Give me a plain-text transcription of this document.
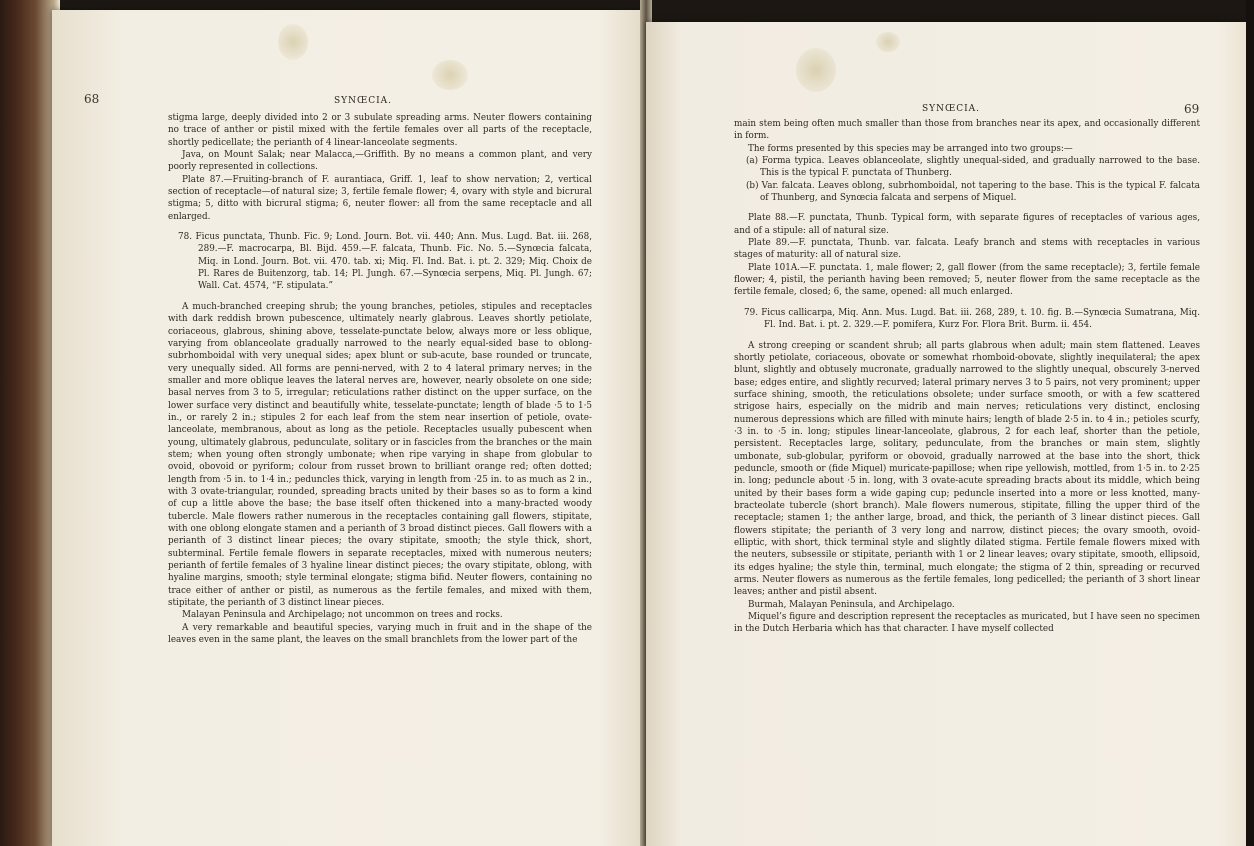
68	SYNŒCIA.

stigma large, deeply divided into 2 or 3 subulate spreading arms. Neuter flowers containing no trace of anther or pistil mixed with the fertile females over all parts of the receptacle, shortly pedicellate; the perianth of 4 linear-lanceolate segments.

Java, on Mount Salak; near Malacca,—Griffith. By no means a common plant, and very poorly represented in collections.

Plate 87.—Fruiting-branch of F. aurantiaca, Griff. 1, leaf to show nervation; 2, vertical section of receptacle—of natural size; 3, fertile female flower; 4, ovary with style and bicrural stigma; 5, ditto with bicrural stigma; 6, neuter flower: all from the same receptacle and all enlarged.

78. Ficus punctata, Thunb. Fic. 9; Lond. Journ. Bot. vii. 440; Ann. Mus. Lugd. Bat. iii. 268, 289.—F. macrocarpa, Bl. Bijd. 459.—F. falcata, Thunb. Fic. No. 5.—Synœcia falcata, Miq. in Lond. Journ. Bot. vii. 470. tab. xi; Miq. Fl. Ind. Bat. i. pt. 2. 329; Miq. Choix de Pl. Rares de Buitenzorg, tab. 14; Pl. Jungh. 67.—Synœcia serpens, Miq. Pl. Jungh. 67; Wall. Cat. 4574, “F. stipulata.”

A much-branched creeping shrub; the young branches, petioles, stipules and receptacles with dark reddish brown pubescence, ultimately nearly glabrous. Leaves shortly petiolate, coriaceous, glabrous, shining above, tesselate-punctate below, always more or less oblique, varying from oblanceolate gradually narrowed to the nearly equal-sided base to oblong-subrhomboidal with very unequal sides; apex blunt or sub-acute, base rounded or truncate, very unequally sided. All forms are penni-nerved, with 2 to 4 lateral primary nerves; in the smaller and more oblique leaves the lateral nerves are, however, nearly obsolete on one side; basal nerves from 3 to 5, irregular; reticulations rather distinct on the upper surface, on the lower surface very distinct and beautifully white, tesselate-punctate; length of blade ·5 to 1·5 in., or rarely 2 in.; stipules 2 for each leaf from the stem near insertion of petiole, ovate-lanceolate, membranous, about as long as the petiole. Receptacles usually pubescent when young, ultimately glabrous, pedunculate, solitary or in fascicles from the branches or the main stem; when young often strongly umbonate; when ripe varying in shape from globular to ovoid, obovoid or pyriform; colour from russet brown to brilliant orange red; often dotted; length from ·5 in. to 1·4 in.; peduncles thick, varying in length from ·25 in. to as much as 2 in., with 3 ovate-triangular, rounded, spreading bracts united by their bases so as to form a kind of cup a little above the base; the base itself often thickened into a many-bracted woody tubercle. Male flowers rather numerous in the receptacles containing gall flowers, stipitate, with one oblong elongate stamen and a perianth of 3 broad distinct pieces. Gall flowers with a perianth of 3 distinct linear pieces; the ovary stipitate, smooth; the style thick, short, subterminal. Fertile female flowers in separate receptacles, mixed with numerous neuters; perianth of fertile females of 3 hyaline linear distinct pieces; the ovary stipitate, oblong, with hyaline margins, smooth; style terminal elongate; stigma bifid. Neuter flowers, containing no trace either of anther or pistil, as numerous as the fertile females, and mixed with them, stipitate, the perianth of 3 distinct linear pieces.

Malayan Peninsula and Archipelago; not uncommon on trees and rocks.

A very remarkable and beautiful species, varying much in fruit and in the shape of the leaves even in the same plant, the leaves on the small branchlets from the lower part of the

SYNŒCIA.	69

main stem being often much smaller than those from branches near its apex, and occasionally different in form.

The forms presented by this species may be arranged into two groups:—

(a) Forma typica. Leaves oblanceolate, slightly unequal-sided, and gradually narrowed to the base. This is the typical F. punctata of Thunberg.

(b) Var. falcata. Leaves oblong, subrhomboidal, not tapering to the base. This is the typical F. falcata of Thunberg, and Synœcia falcata and serpens of Miquel.

Plate 88.—F. punctata, Thunb. Typical form, with separate figures of receptacles of various ages, and of a stipule: all of natural size.

Plate 89.—F. punctata, Thunb. var. falcata. Leafy branch and stems with receptacles in various stages of maturity: all of natural size.

Plate 101A.—F. punctata. 1, male flower; 2, gall flower (from the same receptacle); 3, fertile female flower; 4, pistil, the perianth having been removed; 5, neuter flower from the same receptacle as the fertile female, closed; 6, the same, opened: all much enlarged.

79. Ficus callicarpa, Miq. Ann. Mus. Lugd. Bat. iii. 268, 289, t. 10. fig. B.—Synœcia Sumatrana, Miq. Fl. Ind. Bat. i. pt. 2. 329.—F. pomifera, Kurz For. Flora Brit. Burm. ii. 454.

A strong creeping or scandent shrub; all parts glabrous when adult; main stem flattened. Leaves shortly petiolate, coriaceous, obovate or somewhat rhomboid-obovate, slightly inequilateral; the apex blunt, slightly and obtusely mucronate, gradually narrowed to the slightly unequal, obscurely 3-nerved base; edges entire, and slightly recurved; lateral primary nerves 3 to 5 pairs, not very prominent; upper surface shining, smooth, the reticulations obsolete; under surface smooth, or with a few scattered strigose hairs, especially on the midrib and main nerves; reticulations very distinct, enclosing numerous depressions which are filled with minute hairs; length of blade 2·5 in. to 4 in.; petioles scurfy, ·3 in. to ·5 in. long; stipules linear-lanceolate, glabrous, 2 for each leaf, shorter than the petiole, persistent. Receptacles large, solitary, pedunculate, from the branches or main stem, slightly umbonate, sub-globular, pyriform or obovoid, gradually narrowed at the base into the short, thick peduncle, smooth or (fide Miquel) muricate-papillose; when ripe yellowish, mottled, from 1·5 in. to 2·25 in. long; peduncle about ·5 in. long, with 3 ovate-acute spreading bracts about its middle, which being united by their bases form a wide gaping cup; peduncle inserted into a more or less knotted, many-bracteolate tubercle (short branch). Male flowers numerous, stipitate, filling the upper third of the receptacle; stamen 1; the anther large, broad, and thick, the perianth of 3 linear distinct pieces. Gall flowers stipitate; the perianth of 3 very long and narrow, distinct pieces; the ovary smooth, ovoid-elliptic, with short, thick terminal style and slightly dilated stigma. Fertile female flowers mixed with the neuters, subsessile or stipitate, perianth with 1 or 2 linear leaves; ovary stipitate, smooth, ellipsoid, its edges hyaline; the style thin, terminal, much elongate; the stigma of 2 thin, spreading or recurved arms. Neuter flowers as numerous as the fertile females, long pedicelled; the perianth of 3 short linear leaves; anther and pistil absent.

Burmah, Malayan Peninsula, and Archipelago.

Miquel’s figure and description represent the receptacles as muricated, but I have seen no specimen in the Dutch Herbaria which has that character. I have myself collected
